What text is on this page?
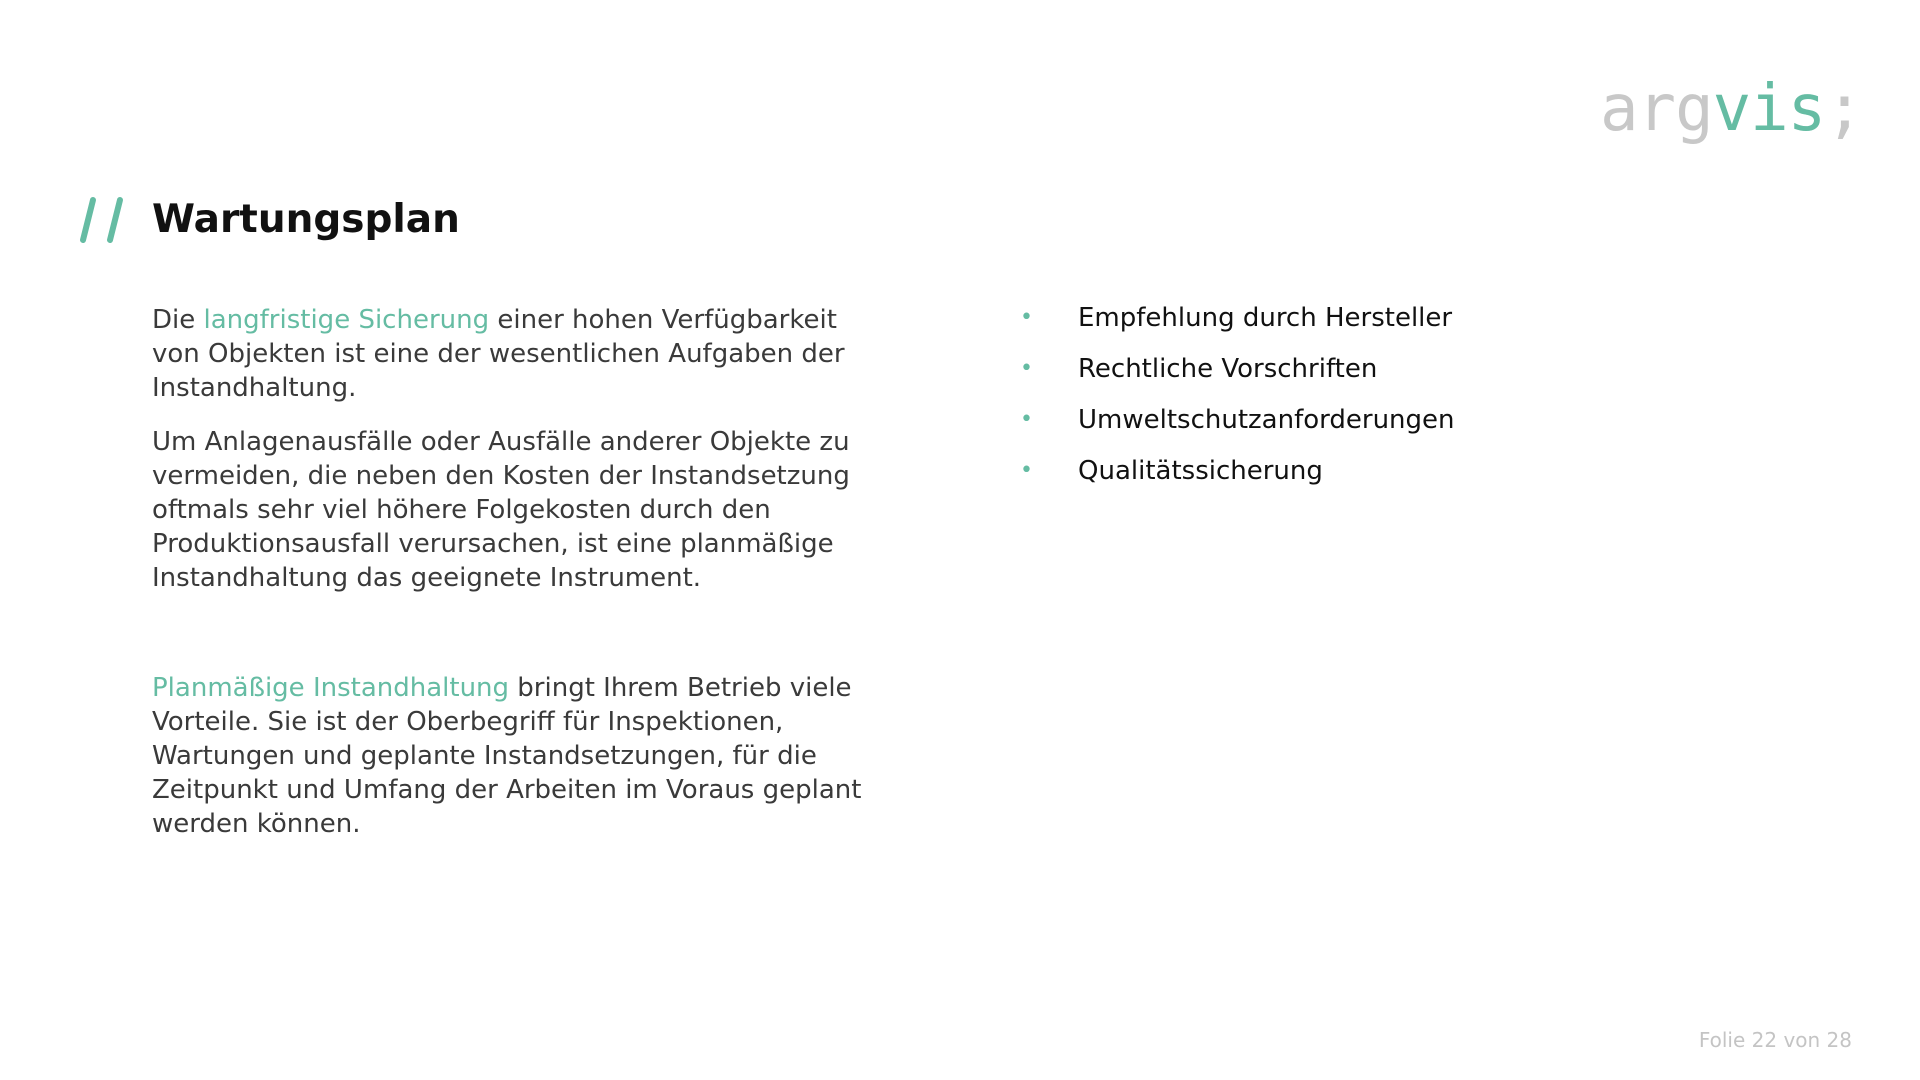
argvis;
Wartungsplan

Die langfristige Sicherung einer hohen Verfügbarkeit von Objekten ist eine der wesentlichen Aufgaben der Instandhaltung.

Um Anlagenausfälle oder Ausfälle anderer Objekte zu vermeiden, die neben den Kosten der Instandsetzung oftmals sehr viel höhere Folgekosten durch den Produktionsausfall verursachen, ist eine planmäßige Instandhaltung das geeignete Instrument.

Planmäßige Instandhaltung bringt Ihrem Betrieb viele Vorteile. Sie ist der Oberbegriff für Inspektionen, Wartungen und geplante Instandsetzungen, für die Zeitpunkt und Umfang der Arbeiten im Voraus geplant werden können.

• Empfehlung durch Hersteller
• Rechtliche Vorschriften
• Umweltschutzanforderungen
• Qualitätssicherung
Folie 22 von 28
